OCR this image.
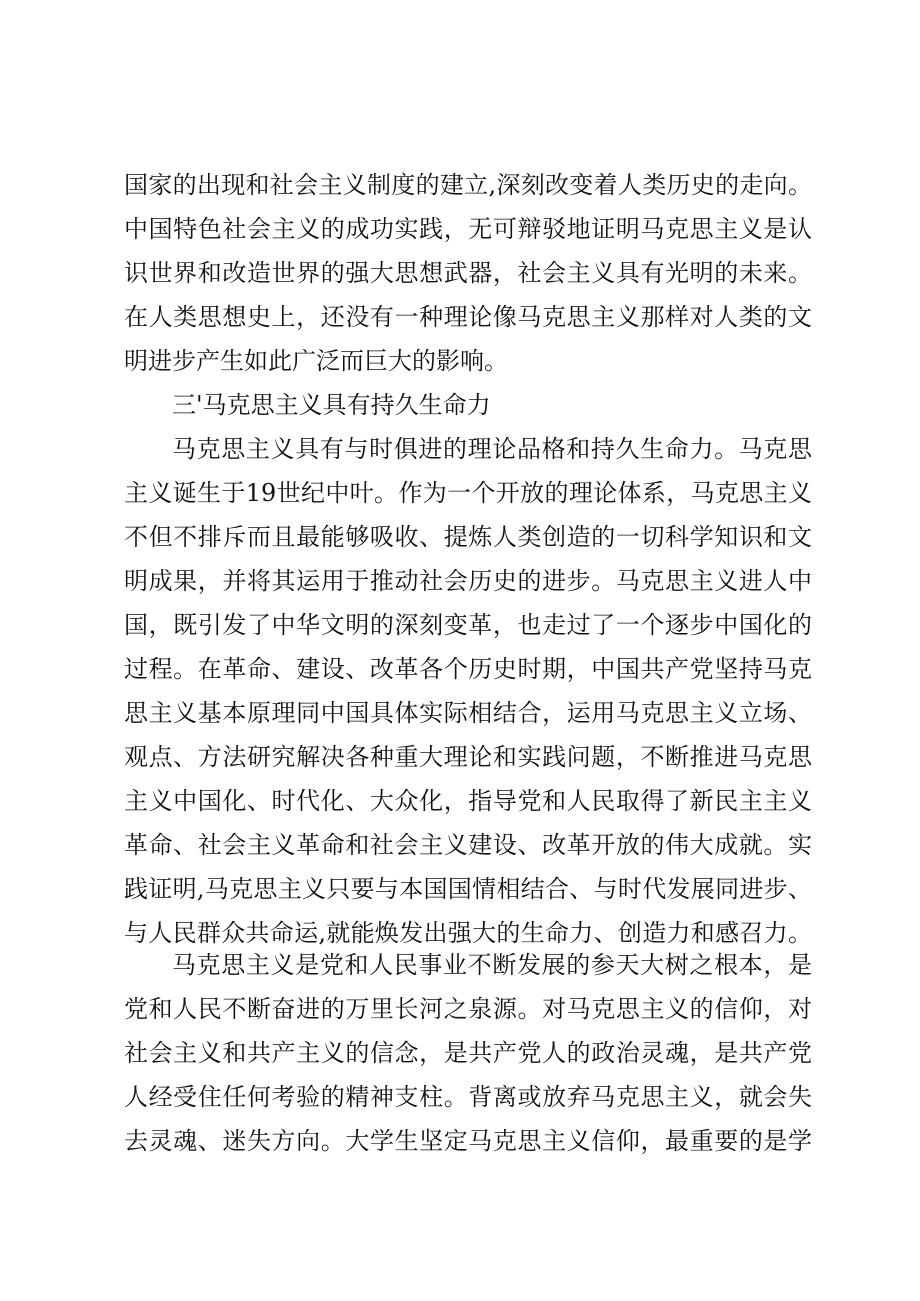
国家的出现和社会主义制度的建立,深刻改变着人类历史的走向。
中国特色社会主义的成功实践，无可辩驳地证明马克思主义是认
识世界和改造世界的强大思想武器，社会主义具有光明的未来。
在人类思想史上，还没有一种理论像马克思主义那样对人类的文
明进步产生如此广泛而巨大的影响。
三'马克思主义具有持久生命力
马克思主义具有与时俱进的理论品格和持久生命力。马克思
主义诞生于19世纪中叶。作为一个开放的理论体系，马克思主义
不但不排斥而且最能够吸收、提炼人类创造的一切科学知识和文
明成果，并将其运用于推动社会历史的进步。马克思主义进人中
国，既引发了中华文明的深刻变革，也走过了一个逐步中国化的
过程。在革命、建设、改革各个历史时期，中国共产党坚持马克
思主义基本原理同中国具体实际相结合，运用马克思主义立场、
观点、方法研究解决各种重大理论和实践问题，不断推进马克思
主义中国化、时代化、大众化，指导党和人民取得了新民主主义
革命、社会主义革命和社会主义建设、改革开放的伟大成就。实
践证明,马克思主义只要与本国国情相结合、与时代发展同进步、
与人民群众共命运,就能焕发出强大的生命力、创造力和感召力。
马克思主义是党和人民事业不断发展的参天大树之根本，是
党和人民不断奋进的万里长河之泉源。对马克思主义的信仰，对
社会主义和共产主义的信念，是共产党人的政治灵魂，是共产党
人经受住任何考验的精神支柱。背离或放弃马克思主义，就会失
去灵魂、迷失方向。大学生坚定马克思主义信仰，最重要的是学
